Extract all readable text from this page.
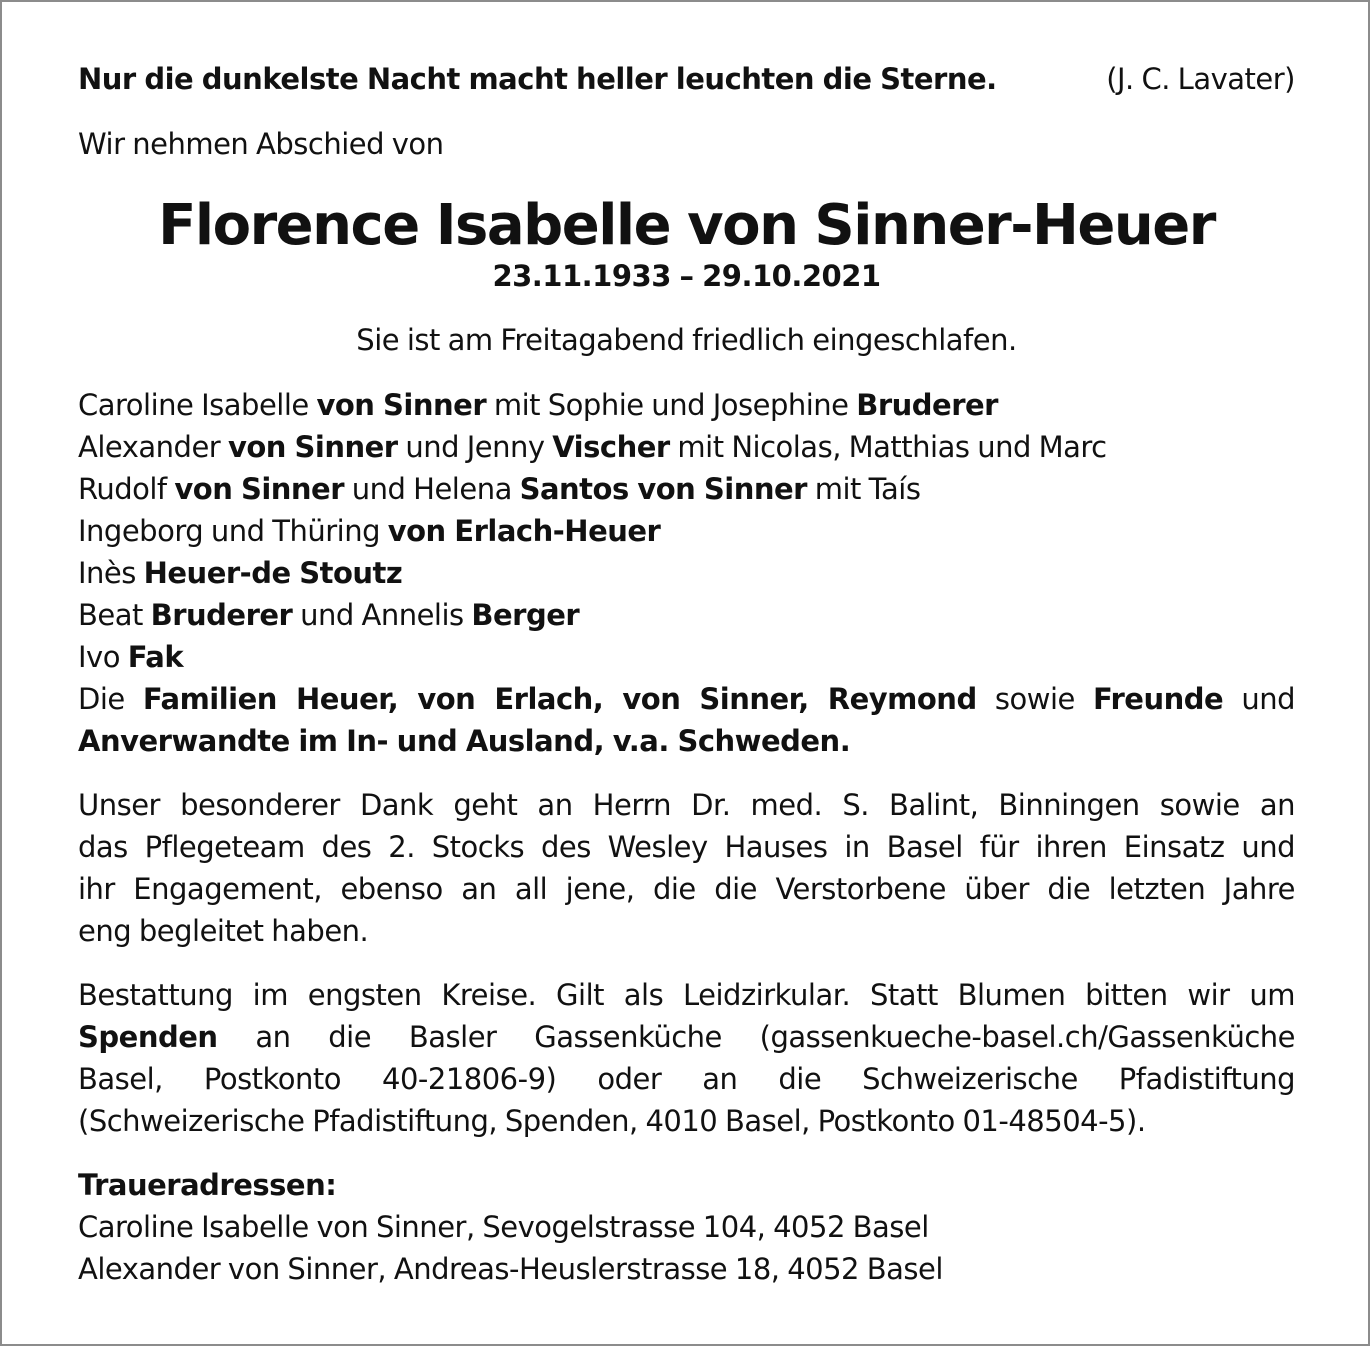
Nur die dunkelste Nacht macht heller leuchten die Sterne.	(J. C. Lavater)
Wir nehmen Abschied von
Florence Isabelle von Sinner-Heuer
23.11.1933 – 29.10.2021
Sie ist am Freitagabend friedlich eingeschlafen.
Caroline Isabelle von Sinner mit Sophie und Josephine Bruderer
Alexander von Sinner und Jenny Vischer mit Nicolas, Matthias und Marc
Rudolf von Sinner und Helena Santos von Sinner mit Taís
Ingeborg und Thüring von Erlach-Heuer
Inès Heuer-de Stoutz
Beat Bruderer und Annelis Berger
Ivo Fak
Die Familien Heuer, von Erlach, von Sinner, Reymond sowie Freunde und
Anverwandte im In- und Ausland, v.a. Schweden.
Unser besonderer Dank geht an Herrn Dr. med. S. Balint, Binningen sowie an
das Pflegeteam des 2. Stocks des Wesley Hauses in Basel für ihren Einsatz und
ihr Engagement, ebenso an all jene, die die Verstorbene über die letzten Jahre
eng begleitet haben.
Bestattung im engsten Kreise. Gilt als Leidzirkular. Statt Blumen bitten wir um
Spenden an die Basler Gassenküche (gassenkueche-basel.ch/Gassenküche
Basel, Postkonto 40-21806-9) oder an die Schweizerische Pfadistiftung
(Schweizerische Pfadistiftung, Spenden, 4010 Basel, Postkonto 01-48504-5).
Traueradressen:
Caroline Isabelle von Sinner, Sevogelstrasse 104, 4052 Basel
Alexander von Sinner, Andreas-Heuslerstrasse 18, 4052 Basel
